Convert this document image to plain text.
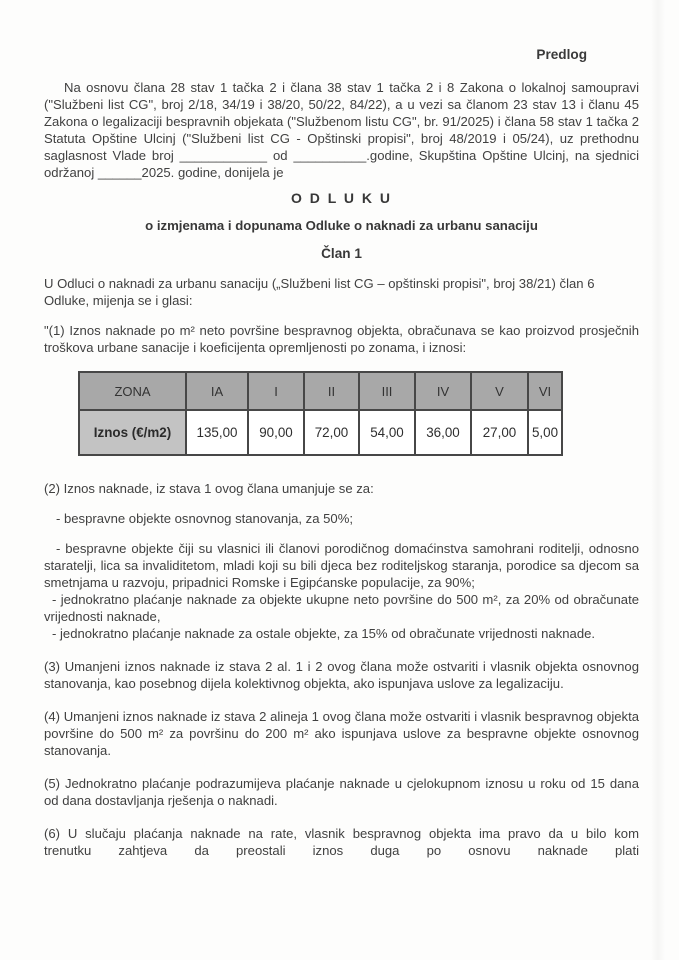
Predlog

Na osnovu člana 28 stav 1 tačka 2 i člana 38 stav 1 tačka 2 i 8 Zakona o lokalnoj samoupravi ("Službeni list CG", broj 2/18, 34/19 i 38/20, 50/22, 84/22), a u vezi sa članom 23 stav 13 i članu 45 Zakona o legalizaciji bespravnih objekata ("Službenom listu CG", br. 91/2025) i člana 58 stav 1 tačka 2 Statuta Opštine Ulcinj ("Službeni list CG - Opštinski propisi", broj 48/2019 i 05/24), uz prethodnu saglasnost Vlade broj ____________ od __________.godine, Skupština Opštine Ulcinj, na sjednici održanoj ______2025. godine, donijela je

O D L U K U

o izmjenama i dopunama Odluke o naknadi za urbanu sanaciju

Član 1

U Odluci o naknadi za urbanu sanaciju („Službeni list CG – opštinski propisi", broj 38/21) član 6 Odluke, mijenja se i glasi:

"(1) Iznos naknade po m² neto površine bespravnog objekta, obračunava se kao proizvod prosječnih troškova urbane sanacije i koeficijenta opremljenosti po zonama, i iznosi:

ZONA	IA	I	II	III	IV	V	VI
Iznos (€/m2)	135,00	90,00	72,00	54,00	36,00	27,00	5,00

(2) Iznos naknade, iz stava 1 ovog člana umanjuje se za:

- bespravne objekte osnovnog stanovanja, za 50%;

- bespravne objekte čiji su vlasnici ili članovi porodičnog domaćinstva samohrani roditelji, odnosno staratelji, lica sa invaliditetom, mladi koji su bili djeca bez roditeljskog staranja, porodice sa djecom sa smetnjama u razvoju, pripadnici Romske i Egipćanske populacije, za 90%;

- jednokratno plaćanje naknade za objekte ukupne neto površine do 500 m², za 20% od obračunate vrijednosti naknade,

- jednokratno plaćanje naknade za ostale objekte, za 15% od obračunate vrijednosti naknade.

(3) Umanjeni iznos naknade iz stava 2 al. 1 i 2 ovog člana može ostvariti i vlasnik objekta osnovnog stanovanja, kao posebnog dijela kolektivnog objekta, ako ispunjava uslove za legalizaciju.

(4) Umanjeni iznos naknade iz stava 2 alineja 1 ovog člana može ostvariti i vlasnik bespravnog objekta površine do 500 m² za površinu do 200 m² ako ispunjava uslove za bespravne objekte osnovnog stanovanja.

(5) Jednokratno plaćanje podrazumijeva plaćanje naknade u cjelokupnom iznosu u roku od 15 dana od dana dostavljanja rješenja o naknadi.

(6) U slučaju plaćanja naknade na rate, vlasnik bespravnog objekta ima pravo da u bilo kom trenutku zahtjeva da preostali iznos duga po osnovu naknade plati
